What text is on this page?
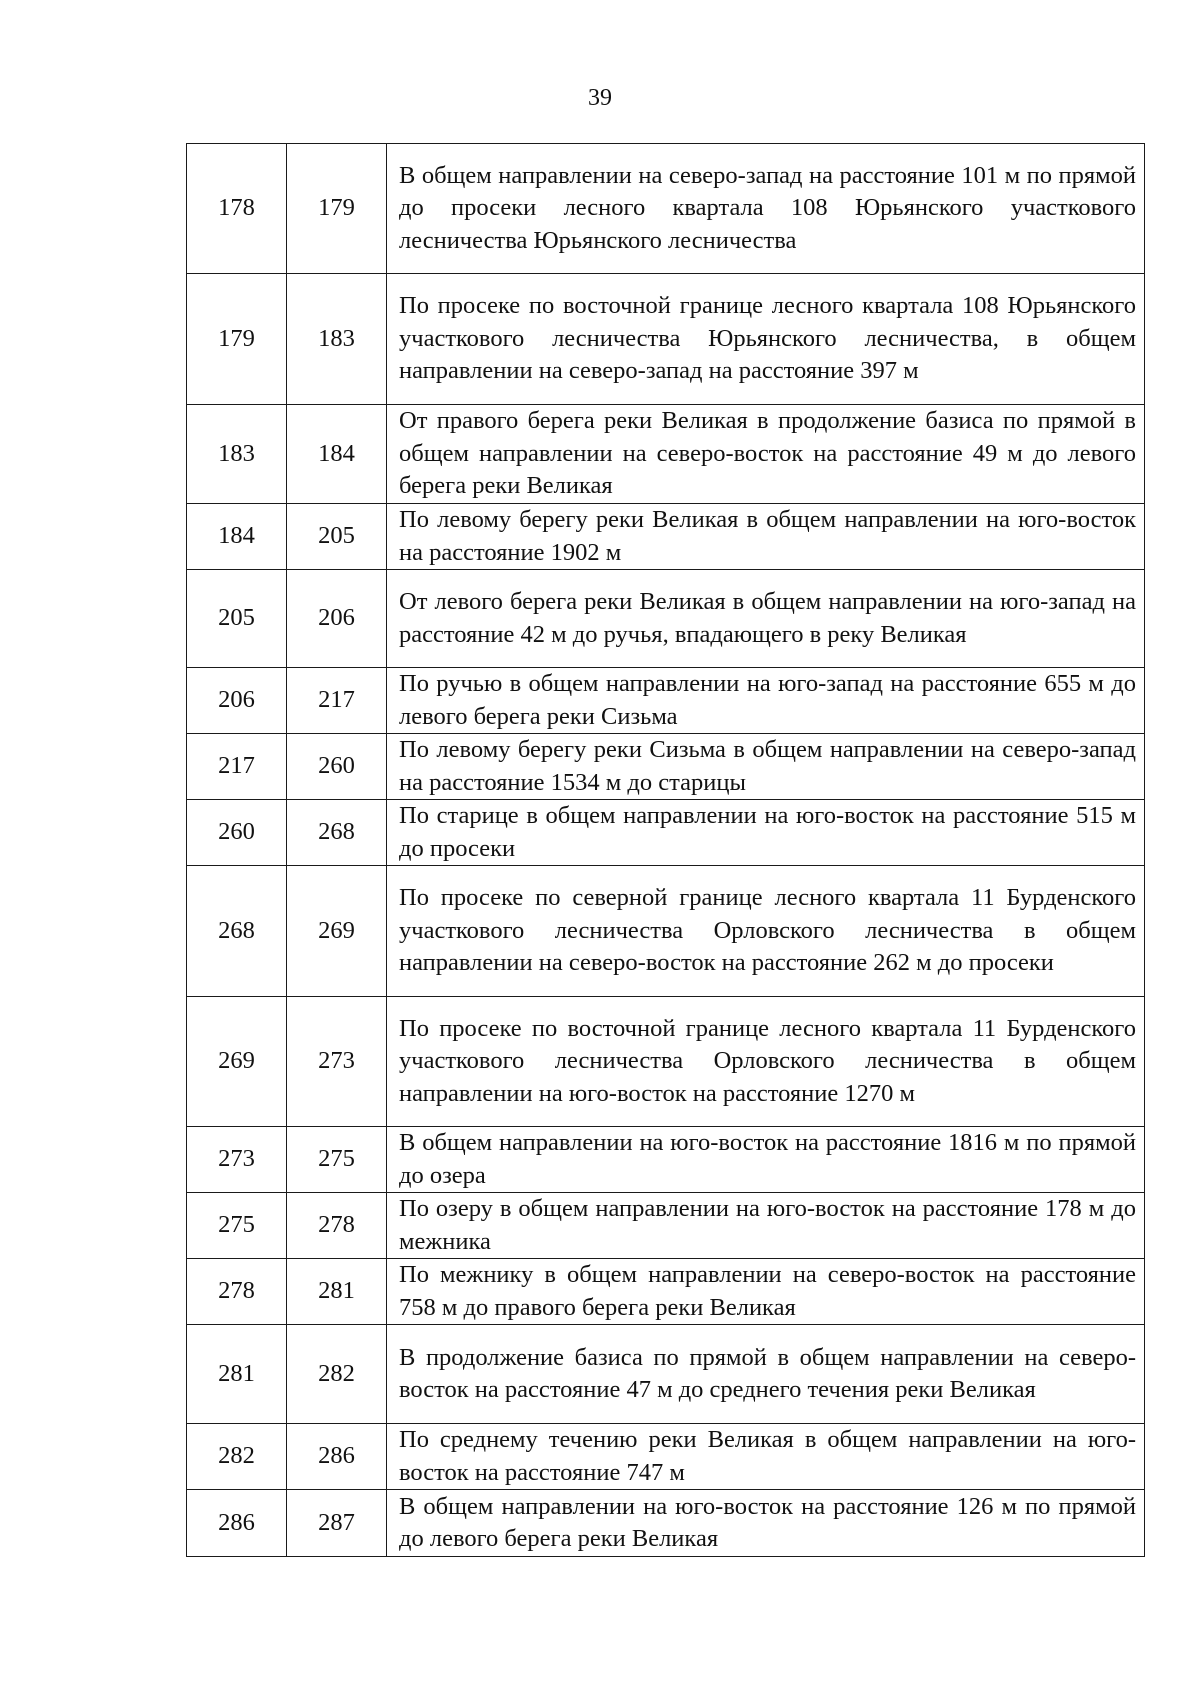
39
178	179	В общем направлении на северо-запад на расстояние 101 м по прямой до просеки лесного квартала 108 Юрьянского участкового лесничества Юрьянского лесничества
179	183	По просеке по восточной границе лесного квартала 108 Юрьянского участкового лесничества Юрьянского лесничества, в общем направлении на северо-запад на расстояние 397 м
183	184	От правого берега реки Великая в продолжение базиса по прямой в общем направлении на северо-восток на расстояние 49 м до левого берега реки Великая
184	205	По левому берегу реки Великая в общем направлении на юго-восток на расстояние 1902 м
205	206	От левого берега реки Великая в общем направлении на юго-запад на расстояние 42 м до ручья, впадающего в реку Великая
206	217	По ручью в общем направлении на юго-запад на расстояние 655 м до левого берега реки Сизьма
217	260	По левому берегу реки Сизьма в общем направлении на северо-запад на расстояние 1534 м до старицы
260	268	По старице в общем направлении на юго-восток на расстояние 515 м до просеки
268	269	По просеке по северной границе лесного квартала 11 Бурденского участкового лесничества Орловского лесничества в общем направлении на северо-восток на расстояние 262 м до просеки
269	273	По просеке по восточной границе лесного квартала 11 Бурденского участкового лесничества Орловского лесничества в общем направлении на юго-восток на расстояние 1270 м
273	275	В общем направлении на юго-восток на расстояние 1816 м по прямой до озера
275	278	По озеру в общем направлении на юго-восток на расстояние 178 м до межника
278	281	По межнику в общем направлении на северо-восток на расстояние 758 м до правого берега реки Великая
281	282	В продолжение базиса по прямой в общем направлении на северо-восток на расстояние 47 м до среднего течения реки Великая
282	286	По среднему течению реки Великая в общем направлении на юго-восток на расстояние 747 м
286	287	В общем направлении на юго-восток на расстояние 126 м по прямой до левого берега реки Великая
